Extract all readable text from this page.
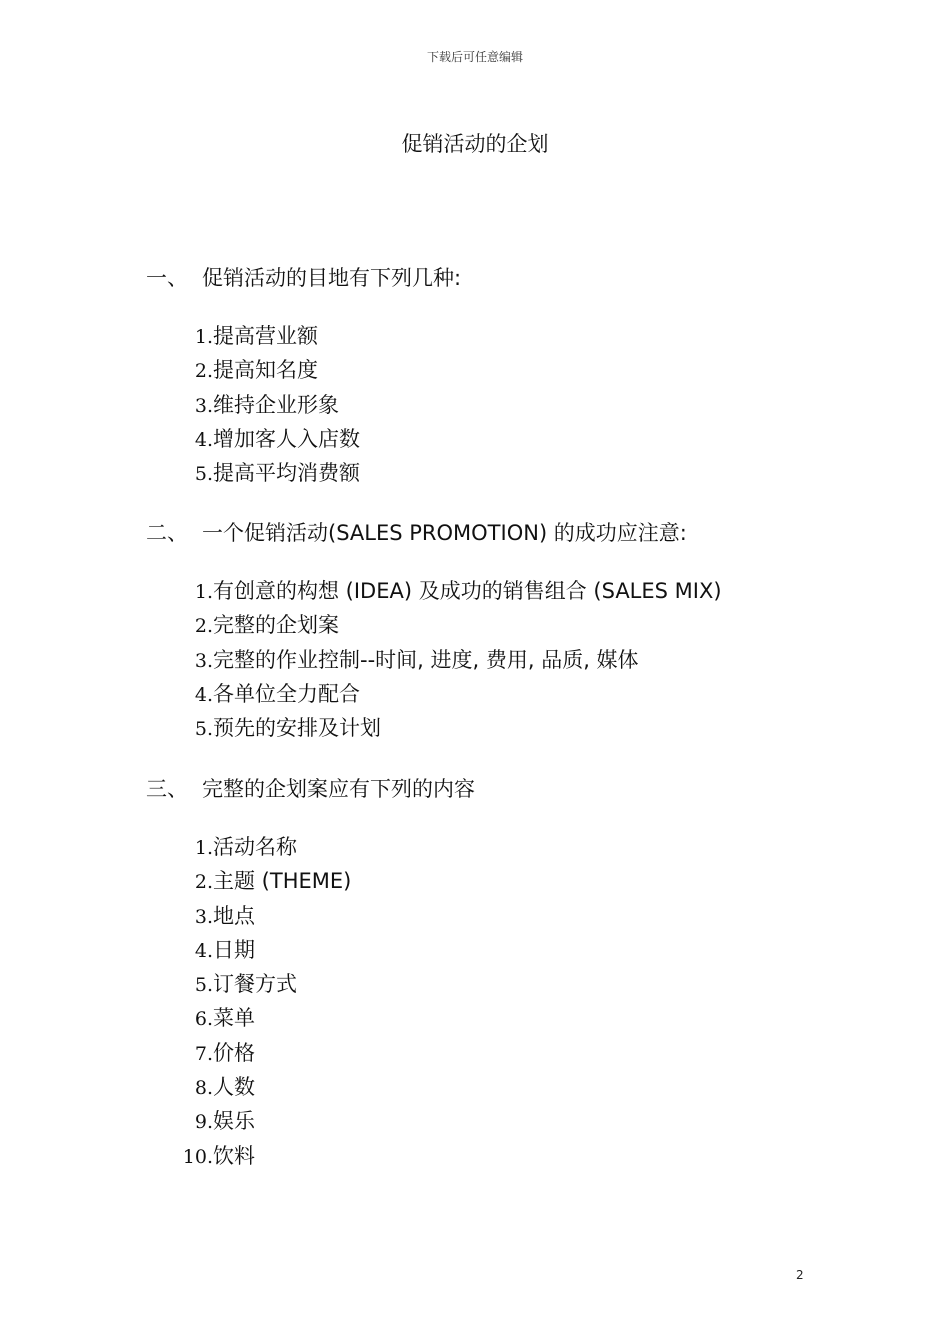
下载后可任意编辑
促销活动的企划
一、 促销活动的目地有下列几种:
1.提高营业额
2.提高知名度
3.维持企业形象
4.增加客人入店数
5.提高平均消费额
二、 一个促销活动(SALES PROMOTION) 的成功应注意:
1.有创意的构想 (IDEA) 及成功的销售组合 (SALES MIX)
2.完整的企划案
3.完整的作业控制--时间, 进度, 费用, 品质, 媒体
4.各单位全力配合
5.预先的安排及计划
三、 完整的企划案应有下列的内容
1.活动名称
2.主题 (THEME)
3.地点
4.日期
5.订餐方式
6.菜单
7.价格
8.人数
9.娱乐
10.饮料
2
